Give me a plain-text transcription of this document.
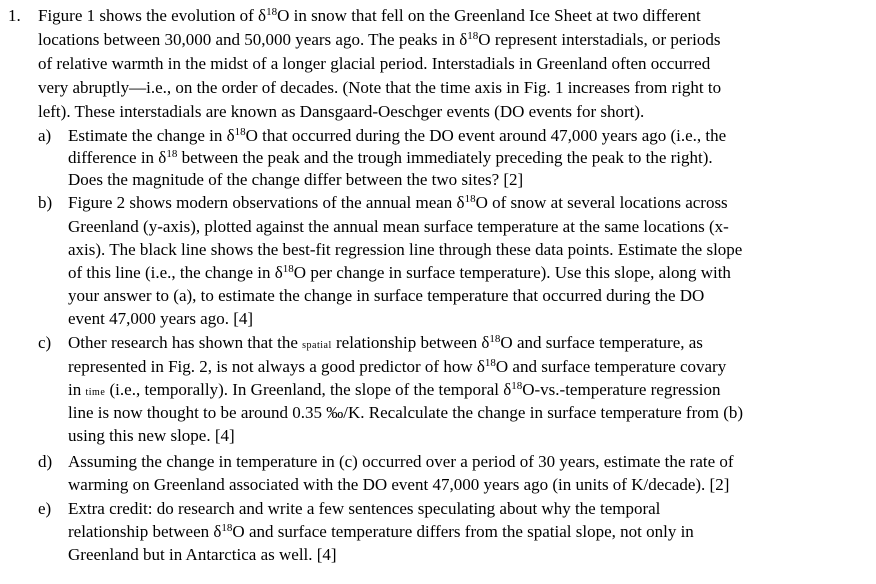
1. Figure 1 shows the evolution of $\delta^{18}O$ in snow that fell on the Greenland Ice Sheet at two different
locations between 30,000 and 50,000 years ago. The peaks in $\delta^{18}O$ represent interstadials, or periods
of relative warmth in the midst of a longer glacial period. Interstadials in Greenland often occurred
very abruptly—i.e., on the order of decades. (Note that the time axis in Fig. 1 increases from right to
left). These interstadials are known as Dansgaard-Oeschger events (DO events for short).
a) Estimate the change in $\delta^{18}O$ that occurred during the DO event around 47,000 years ago (i.e., the
difference in $\delta^{18}$ between the peak and the trough immediately preceding the peak to the right).
Does the magnitude of the change differ between the two sites? [2]
b) Figure 2 shows modern observations of the annual mean $\delta^{18}O$ of snow at several locations across
Greenland (y-axis), plotted against the annual mean surface temperature at the same locations (x-
axis). The black line shows the best-fit regression line through these data points. Estimate the slope
of this line (i.e., the change in $\delta^{18}O$ per change in surface temperature). Use this slope, along with
your answer to (a), to estimate the change in surface temperature that occurred during the DO
event 47,000 years ago. [4]
c) Other research has shown that the spatial relationship between $\delta^{18}O$ and surface temperature, as
represented in Fig. 2, is not always a good predictor of how $\delta^{18}O$ and surface temperature covary
in time (i.e., temporally). In Greenland, the slope of the temporal $\delta^{18}O-vs$.-temperature regression
line is now thought to be around 0.35 ‰/K. Recalculate the change in surface temperature from (b)
using this new slope. [4]
d) Assuming the change in temperature in (c) occurred over a period of 30 years, estimate the rate of
warming on Greenland associated with the DO event 47,000 years ago (in units of K/decade). [2]
e) Extra credit: do research and write a few sentences speculating about why the temporal
relationship between $\delta^{18}O$ and surface temperature differs from the spatial slope, not only in
Greenland but in Antarctica as well. [4]
